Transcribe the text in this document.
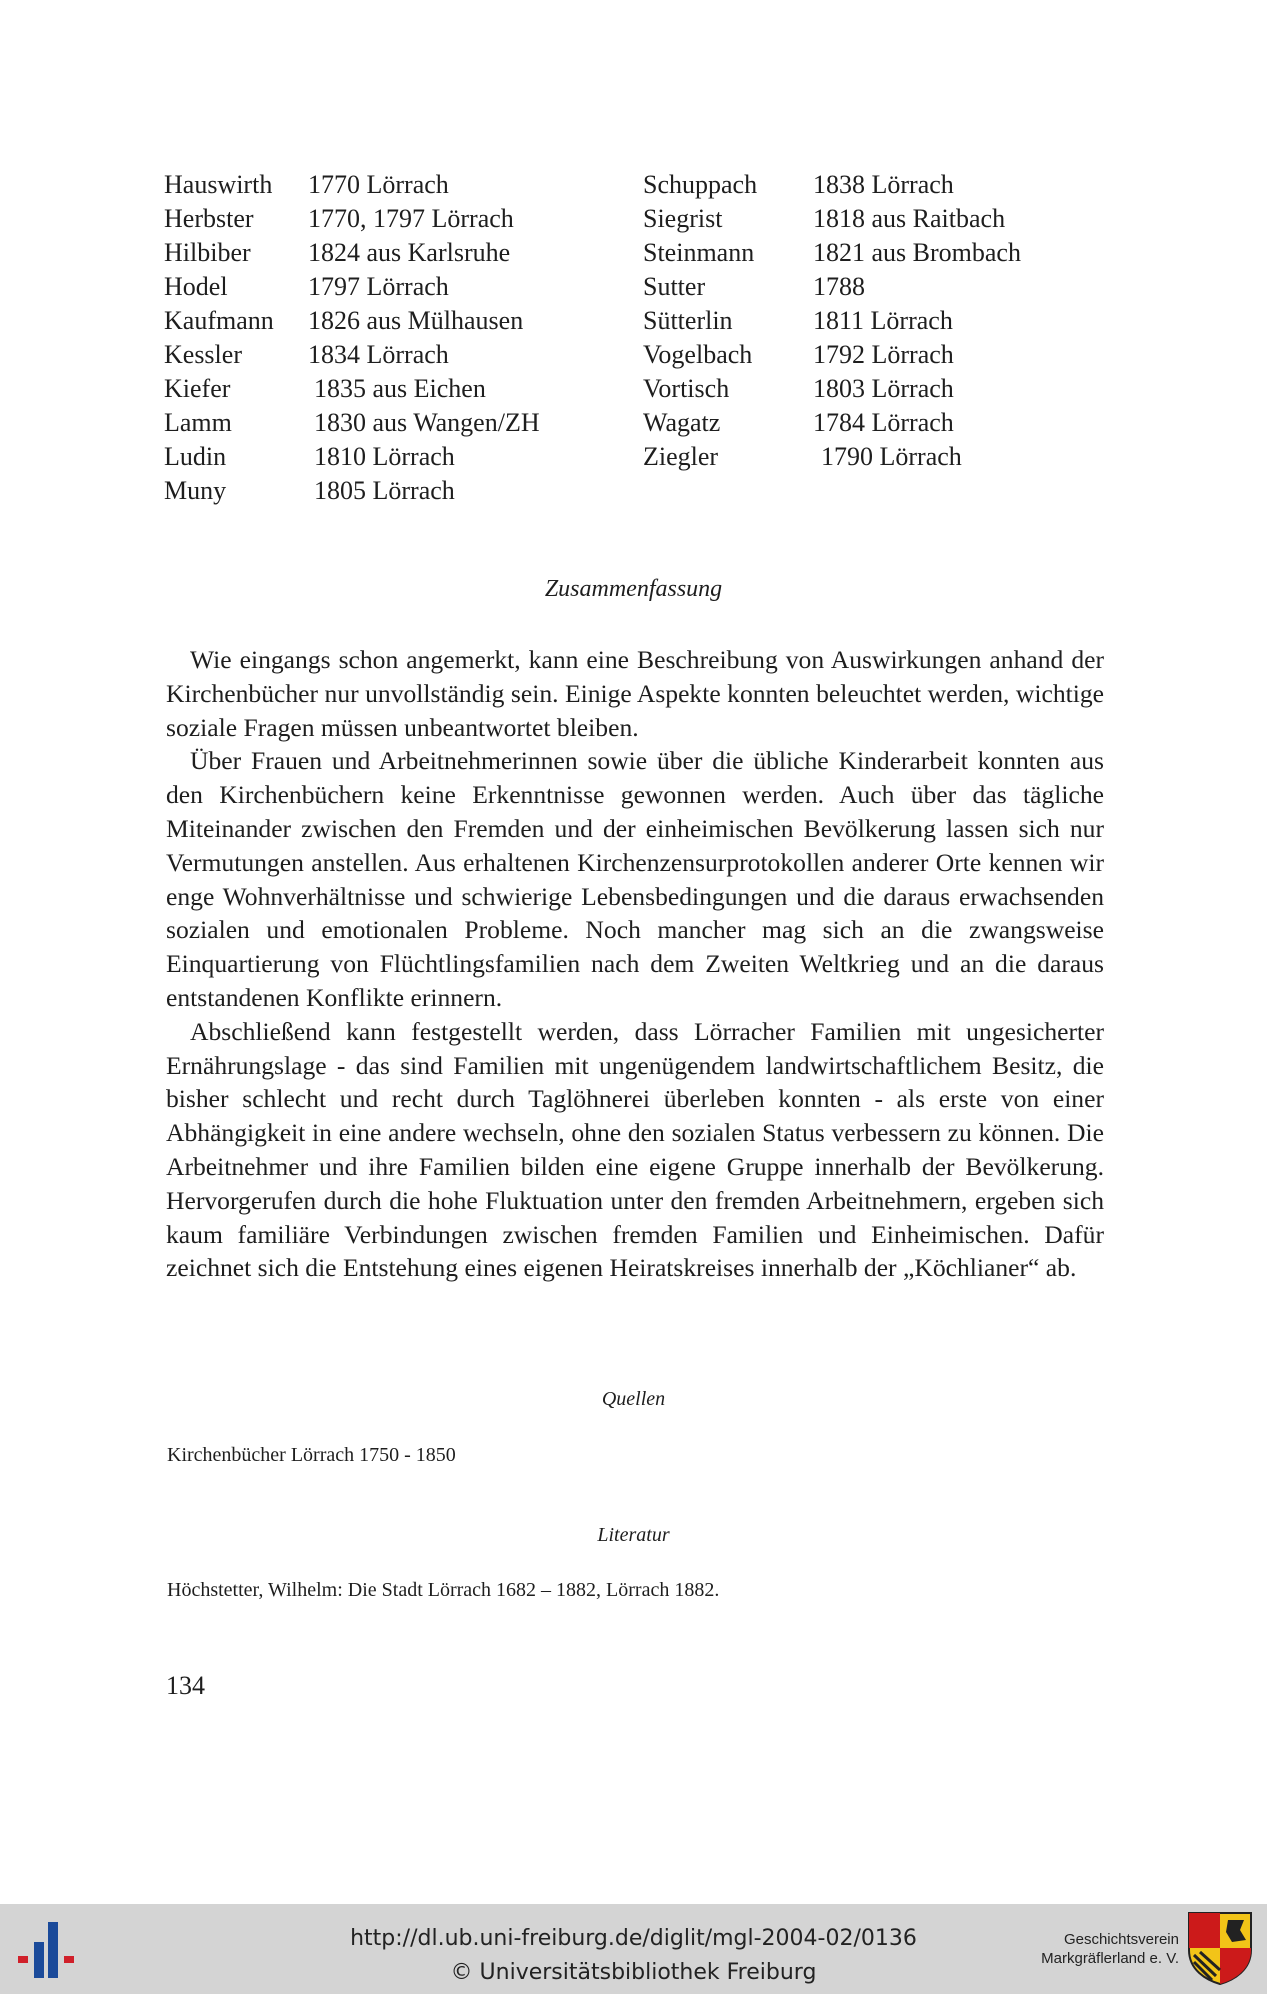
Hauswirth	1770 Lörrach
Herbster	1770, 1797 Lörrach
Hilbiber	1824 aus Karlsruhe
Hodel	1797 Lörrach
Kaufmann	1826 aus Mülhausen
Kessler	1834 Lörrach
Kiefer	1835 aus Eichen
Lamm	1830 aus Wangen/ZH
Ludin	1810 Lörrach
Muny	1805 Lörrach
Schuppach	1838 Lörrach
Siegrist	1818 aus Raitbach
Steinmann	1821 aus Brombach
Sutter	1788
Sütterlin	1811 Lörrach
Vogelbach	1792 Lörrach
Vortisch	1803 Lörrach
Wagatz	1784 Lörrach
Ziegler	1790 Lörrach
Zusammenfassung

Wie eingangs schon angemerkt, kann eine Beschreibung von Auswirkungen anhand der Kirchenbücher nur unvollständig sein. Einige Aspekte konnten beleuchtet werden, wichtige soziale Fragen müssen unbeantwortet bleiben.

Über Frauen und Arbeitnehmerinnen sowie über die übliche Kinderarbeit konnten aus den Kirchenbüchern keine Erkenntnisse gewonnen werden. Auch über das tägliche Miteinander zwischen den Fremden und der einheimischen Bevölkerung lassen sich nur Vermutungen anstellen. Aus erhaltenen Kirchenzensurprotokollen anderer Orte kennen wir enge Wohnverhältnisse und schwierige Lebensbedingungen und die daraus erwachsenden sozialen und emotionalen Probleme. Noch mancher mag sich an die zwangsweise Einquartierung von Flüchtlingsfamilien nach dem Zweiten Weltkrieg und an die daraus entstandenen Konflikte erinnern.

Abschließend kann festgestellt werden, dass Lörracher Familien mit ungesicherter Ernährungslage - das sind Familien mit ungenügendem landwirtschaftlichem Besitz, die bisher schlecht und recht durch Taglöhnerei überleben konnten - als erste von einer Abhängigkeit in eine andere wechseln, ohne den sozialen Status verbessern zu können. Die Arbeitnehmer und ihre Familien bilden eine eigene Gruppe innerhalb der Bevölkerung. Hervorgerufen durch die hohe Fluktuation unter den fremden Arbeitnehmern, ergeben sich kaum familiäre Verbindungen zwischen fremden Familien und Einheimischen. Dafür zeichnet sich die Entstehung eines eigenen Heiratskreises innerhalb der „Köchlianer“ ab.

Quellen
Kirchenbücher Lörrach 1750 - 1850
Literatur
Höchstetter, Wilhelm: Die Stadt Lörrach 1682 – 1882, Lörrach 1882.
134
http://dl.ub.uni-freiburg.de/diglit/mgl-2004-02/0136
© Universitätsbibliothek Freiburg
Geschichtsverein
Markgräflerland e. V.
